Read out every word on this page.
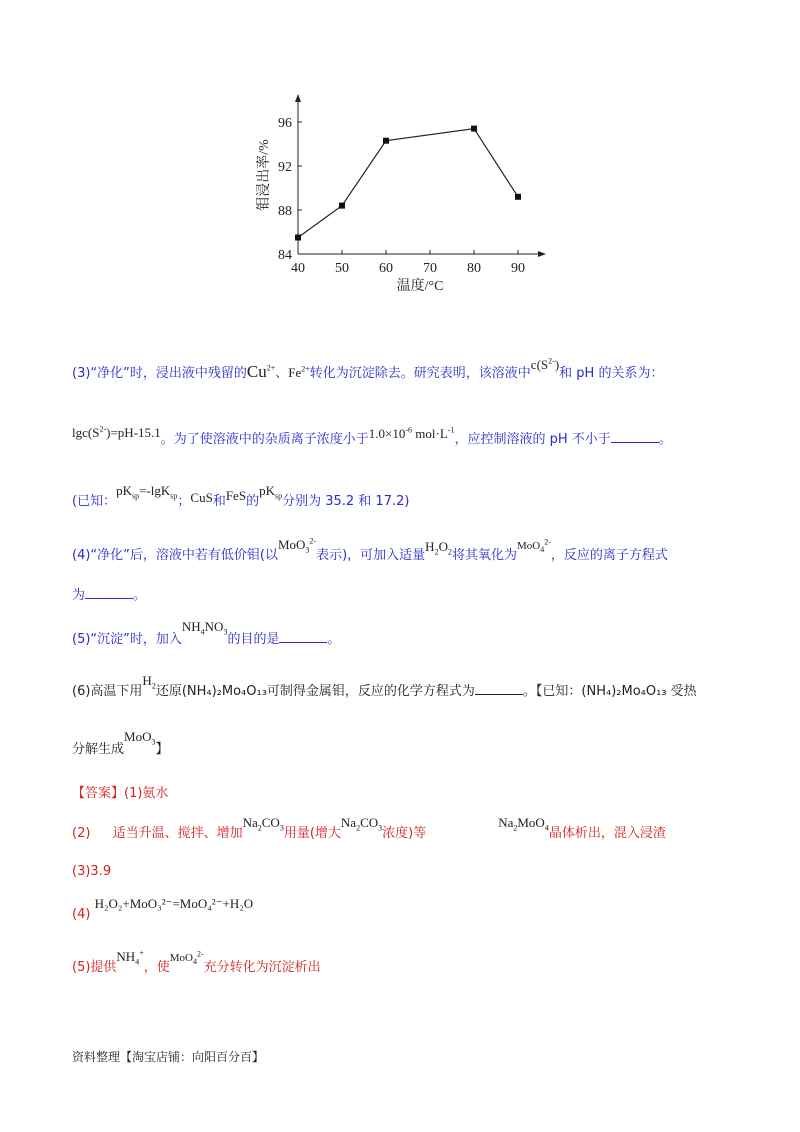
40 50 60 70 80 90
84
88
92
96
温度/°C
钼浸出率/%
(3)“净化”时，浸出液中残留的$Cu^{2+}$、$Fe^{2+}$转化为沉淀除去。研究表明，该溶液中$c(S^{2-})$和 pH 的关系为：
$\lg c(S^{2-})=pH-15.1$。为了使溶液中的杂质离子浓度小于$1.0\times 10^{-6}$ $mol\cdot L^{-1}$，应控制溶液的 pH 不小于	。
(已知：$pK_{sp}=-\lg K_{sp}$；CuS和FeS的$pK_{sp}$分别为 35.2 和 17.2)
(4)“净化”后，溶液中若有低价钼(以MoO$_3^{2-}$表示)，可加入适量$H_2O_2$将其氧化为$^{MoO_4^{2-}}$，反应的离子方程式
为	。
(5)“沉淀”时，加入$NH_4NO_3$的目的是	。
(6)高温下用$H_2$还原(NH₄)₂Mo₄O₁₃可制得金属钼，反应的化学方程式为	。【已知：(NH₄)₂Mo₄O₁₃ 受热
分解生成MoO$_3$】
【答案】(1)氨水
(2) 适当升温、搅拌、增加$Na_2CO_3$用量(增大$Na_2CO_3$浓度)等$Na_2MoO_4$晶体析出，混入浸渣
(3)3.9
(4) H₂O₂+MoO₃²⁻=MoO₄²⁻+H₂O
(5)提供$NH_4^+$，使$^{MoO_4^{2-}}$充分转化为沉淀析出
资料整理【淘宝店铺：向阳百分百】
